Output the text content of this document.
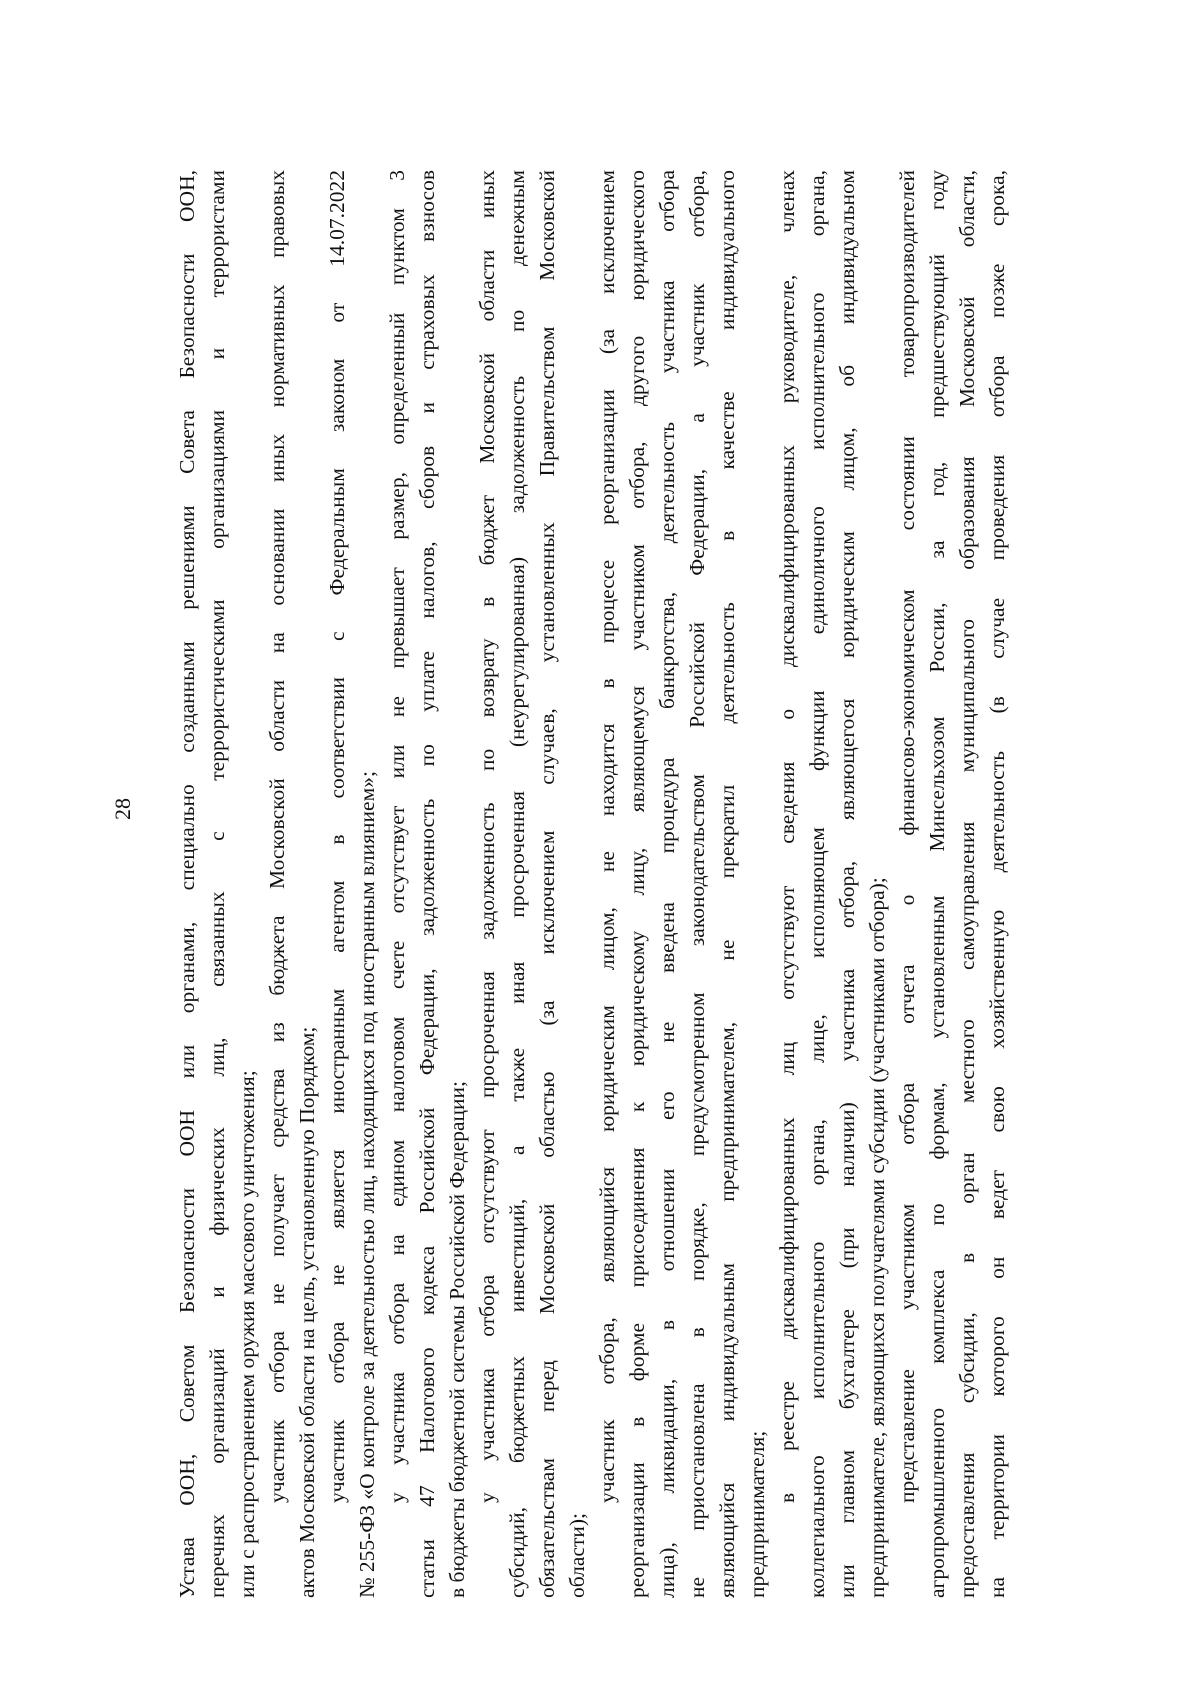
28 Устава ООН, Советом Безопасности ООН или органами, специально созданными решениями Совета Безопасности ООН, перечнях организаций и физических лиц, связанных с террористическими организациями и террористами или с распространением оружия массового уничтожения; участник отбора не получает средства из бюджета Московской области на основании иных нормативных правовых актов Московской области на цель, установленную Порядком; участник отбора не является иностранным агентом в соответствии с Федеральным законом от 14.07.2022 № 255-ФЗ «О контроле за деятельностью лиц, находящихся под иностранным влиянием»; у участника отбора на едином налоговом счете отсутствует или не превышает размер, определенный пунктом 3 статьи 47 Налогового кодекса Российской Федерации, задолженность по уплате налогов, сборов и страховых взносов в бюджеты бюджетной системы Российской Федерации; у участника отбора отсутствуют просроченная задолженность по возврату в бюджет Московской области иных субсидий, бюджетных инвестиций, а также иная просроченная (неурегулированная) задолженность по денежным обязательствам перед Московской областью (за исключением случаев, установленных Правительством Московской области);
участник отбора, являющийся юридическим лицом, не находится в процессе реорганизации (за исключением реорганизации в форме присоединения к юридическому лицу, являющемуся участником отбора, другого юридического лица), ликвидации, в отношении его не введена процедура банкротства, деятельность участника отбора не приостановлена в порядке, предусмотренном законодательством Российской Федерации, а участник отбора, являющийся индивидуальным предпринимателем, не прекратил деятельность в качестве индивидуального предпринимателя;
в реестре дисквалифицированных лиц отсутствуют сведения о дисквалифицированных руководителе, членах коллегиального исполнительного органа, лице, исполняющем функции единоличного исполнительного органа, или главном бухгалтере (при наличии) участника отбора, являющегося юридическим лицом, об индивидуальном предпринимателе, являющихся получателями субсидии (участниками отбора); представление участником отбора отчета о финансово-экономическом состоянии товаропроизводителей агропромышленного комплекса по формам, установленным Минсельхозом России, за год, предшествующий году предоставления субсидии, в орган местного самоуправления муниципального образования Московской области, на территории которого он ведет свою хозяйственную деятельность (в случае проведения отбора позже срока,
